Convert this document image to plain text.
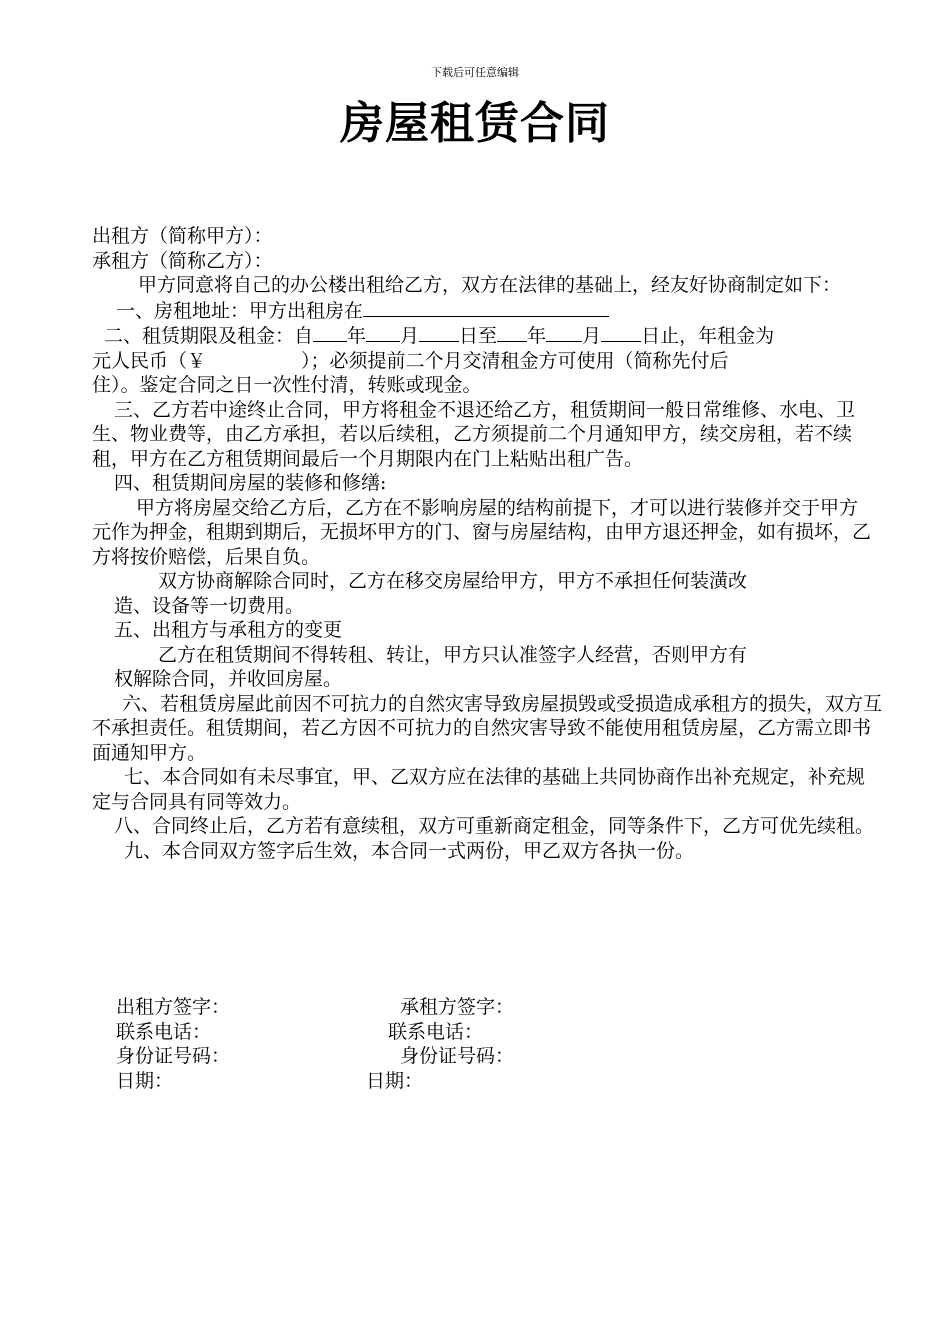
下载后可任意编辑
房屋租赁合同

出租方（简称甲方）：

承租方（简称乙方）：

甲方同意将自己的办公楼出租给乙方，双方在法律的基础上，经友好协商制定如下：

一、房租地址：甲方出租房在

二、租赁期限及租金：自 年 月 日至 年 月 日止，年租金为

元人民币（￥　　　　　）；必须提前二个月交清租金方可使用（简称先付后

住）。鉴定合同之日一次性付清，转账或现金。

三、乙方若中途终止合同，甲方将租金不退还给乙方，租赁期间一般日常维修、水电、卫生、物业费等，由乙方承担，若以后续租，乙方须提前二个月通知甲方，续交房租，若不续租，甲方在乙方租赁期间最后一个月期限内在门上粘贴出租广告。

四、租赁期间房屋的装修和修缮:

甲方将房屋交给乙方后，乙方在不影响房屋的结构前提下，才可以进行装修并交于甲方　　元作为押金，租期到期后，无损坏甲方的门、窗与房屋结构，由甲方退还押金，如有损坏，乙方将按价赔偿，后果自负。

双方协商解除合同时，乙方在移交房屋给甲方，甲方不承担任何装潢改

造、设备等一切费用。

五、出租方与承租方的变更

乙方在租赁期间不得转租、转让，甲方只认准签字人经营，否则甲方有

权解除合同，并收回房屋。

六、若租赁房屋此前因不可抗力的自然灾害导致房屋损毁或受损造成承租方的损失，双方互不承担责任。租赁期间，若乙方因不可抗力的自然灾害导致不能使用租赁房屋，乙方需立即书面通知甲方。

七、本合同如有未尽事宜，甲、乙双方应在法律的基础上共同协商作出补充规定，补充规定与合同具有同等效力。

八、合同终止后，乙方若有意续租，双方可重新商定租金，同等条件下，乙方可优先续租。

九、本合同双方签字后生效，本合同一式两份，甲乙双方各执一份。

出租方签字：	承租方签字：
联系电话：	联系电话：
身份证号码：	身份证号码：
日期：	日期：
